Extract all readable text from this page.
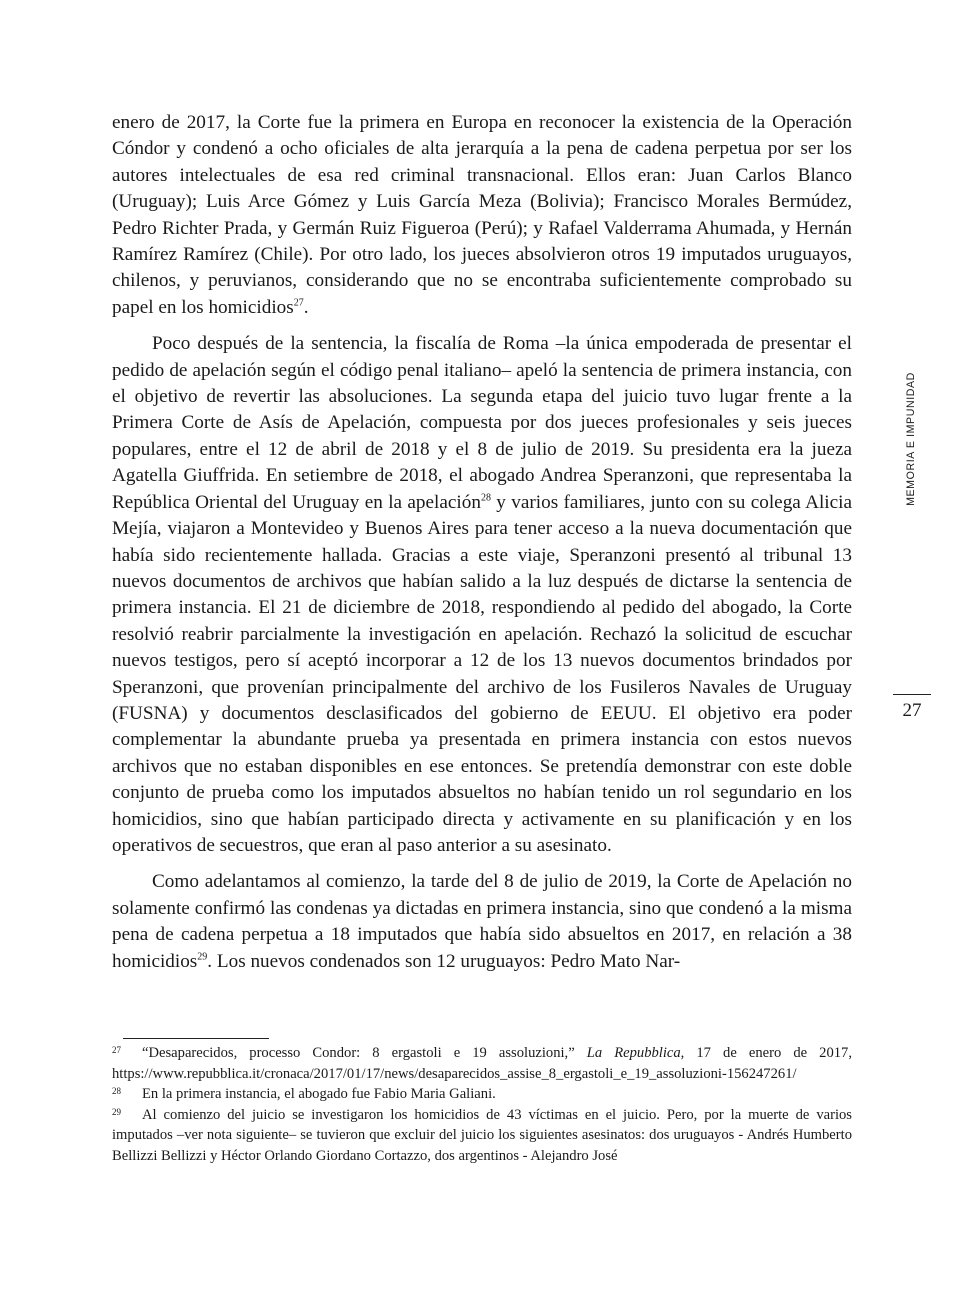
enero de 2017, la Corte fue la primera en Europa en reconocer la existencia de la Operación Cóndor y condenó a ocho oficiales de alta jerarquía a la pena de cadena perpetua por ser los autores intelectuales de esa red criminal transnacional. Ellos eran: Juan Carlos Blanco (Uruguay); Luis Arce Gómez y Luis García Meza (Bolivia); Francisco Morales Bermúdez, Pedro Richter Prada, y Germán Ruiz Figueroa (Perú); y Rafael Valderrama Ahumada, y Hernán Ramírez Ramírez (Chile). Por otro lado, los jueces absolvieron otros 19 imputados uruguayos, chilenos, y peruvianos, considerando que no se encontraba suficientemente comprobado su papel en los homicidios$^{27}$.

Poco después de la sentencia, la fiscalía de Roma –la única empoderada de presentar el pedido de apelación según el código penal italiano– apeló la sentencia de primera instancia, con el objetivo de revertir las absoluciones. La segunda etapa del juicio tuvo lugar frente a la Primera Corte de Asís de Apelación, compuesta por dos jueces profesionales y seis jueces populares, entre el 12 de abril de 2018 y el 8 de julio de 2019. Su presidenta era la jueza Agatella Giuffrida. En setiembre de 2018, el abogado Andrea Speranzoni, que representaba la República Oriental del Uruguay en la apelación$^{28}$ y varios familiares, junto con su colega Alicia Mejía, viajaron a Montevideo y Buenos Aires para tener acceso a la nueva documentación que había sido recientemente hallada. Gracias a este viaje, Speranzoni presentó al tribunal 13 nuevos documentos de archivos que habían salido a la luz después de dictarse la sentencia de primera instancia. El 21 de diciembre de 2018, respondiendo al pedido del abogado, la Corte resolvió reabrir parcialmente la investigación en apelación. Rechazó la solicitud de escuchar nuevos testigos, pero sí aceptó incorporar a 12 de los 13 nuevos documentos brindados por Speranzoni, que provenían principalmente del archivo de los Fusileros Navales de Uruguay (FUSNA) y documentos desclasificados del gobierno de EEUU. El objetivo era poder complementar la abundante prueba ya presentada en primera instancia con estos nuevos archivos que no estaban disponibles en ese entonces. Se pretendía demonstrar con este doble conjunto de prueba como los imputados absueltos no habían tenido un rol segundario en los homicidios, sino que habían participado directa y activamente en su planificación y en los operativos de secuestros, que eran al paso anterior a su asesinato.

Como adelantamos al comienzo, la tarde del 8 de julio de 2019, la Corte de Apelación no solamente confirmó las condenas ya dictadas en primera instancia, sino que condenó a la misma pena de cadena perpetua a 18 imputados que había sido absueltos en 2017, en relación a 38 homicidios$^{29}$. Los nuevos condenados son 12 uruguayos: Pedro Mato Nar-

27 “Desaparecidos, processo Condor: 8 ergastoli e 19 assoluzioni,” La Repubblica, 17 de enero de 2017, https://www.repubblica.it/cronaca/2017/01/17/news/desaparecidos_assise_8_ergastoli_e_19_assoluzioni-156247261/

28 En la primera instancia, el abogado fue Fabio Maria Galiani.

29 Al comienzo del juicio se investigaron los homicidios de 43 víctimas en el juicio. Pero, por la muerte de varios imputados –ver nota siguiente– se tuvieron que excluir del juicio los siguientes asesinatos: dos uruguayos - Andrés Humberto Bellizzi Bellizzi y Héctor Orlando Giordano Cortazzo, dos argentinos - Alejandro José

MEMORIA E IMPUNIDAD
27
